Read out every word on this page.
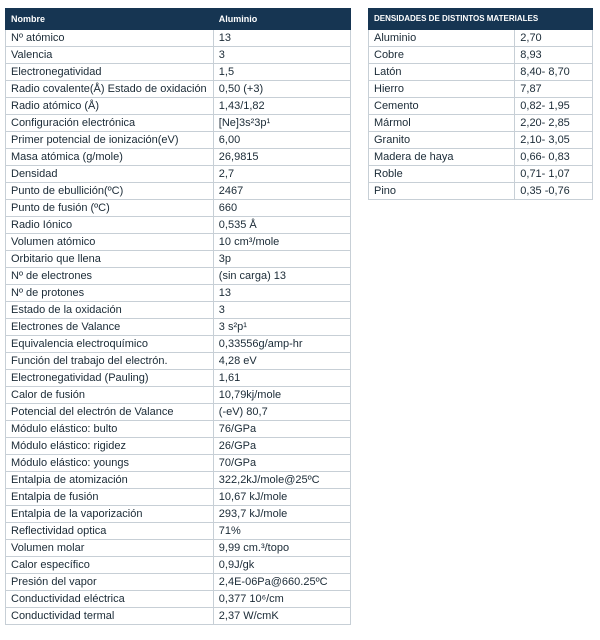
Nombre	Aluminio
Nº atómico	13
Valencia	3
Electronegatividad	1,5
Radio covalente(Å) Estado de oxidación	0,50 (+3)
Radio atómico (Å)	1,43/1,82
Configuración electrónica	[Ne]3s²3p¹
Primer potencial de ionización(eV)	6,00
Masa atómica (g/mole)	26,9815
Densidad	2,7
Punto de ebullición(ºC)	2467
Punto de fusión (ºC)	660
Radio Iónico	0,535 Å
Volumen atómico	10 cm³/mole
Orbitario que llena	3p
Nº de electrones	(sin carga) 13
Nº de protones	13
Estado de la oxidación	3
Electrones de Valance	3 s²p¹
Equivalencia electroquímico	0,33556g/amp-hr
Función del trabajo del electrón.	4,28 eV
Electronegatividad (Pauling)	1,61
Calor de fusión	10,79kj/mole
Potencial del electrón de Valance	(-eV) 80,7
Módulo elástico: bulto	76/GPa
Módulo elástico: rigidez	26/GPa
Módulo elástico: youngs	70/GPa
Entalpia de atomización	322,2kJ/mole@25ºC
Entalpia de fusión	10,67 kJ/mole
Entalpia de la vaporización	293,7 kJ/mole
Reflectividad optica	71%
Volumen molar	9,99 cm.³/topo
Calor específico	0,9J/gk
Presión del vapor	2,4E-06Pa@660.25ºC
Conductividad eléctrica	0,377 10⁶/cm
Conductividad termal	2,37 W/cmK
DENSIDADES DE DISTINTOS MATERIALES	
Aluminio	2,70
Cobre	8,93
Latón	8,40- 8,70
Hierro	7,87
Cemento	0,82- 1,95
Mármol	2,20- 2,85
Granito	2,10- 3,05
Madera de haya	0,66- 0,83
Roble	0,71- 1,07
Pino	0,35 -0,76
